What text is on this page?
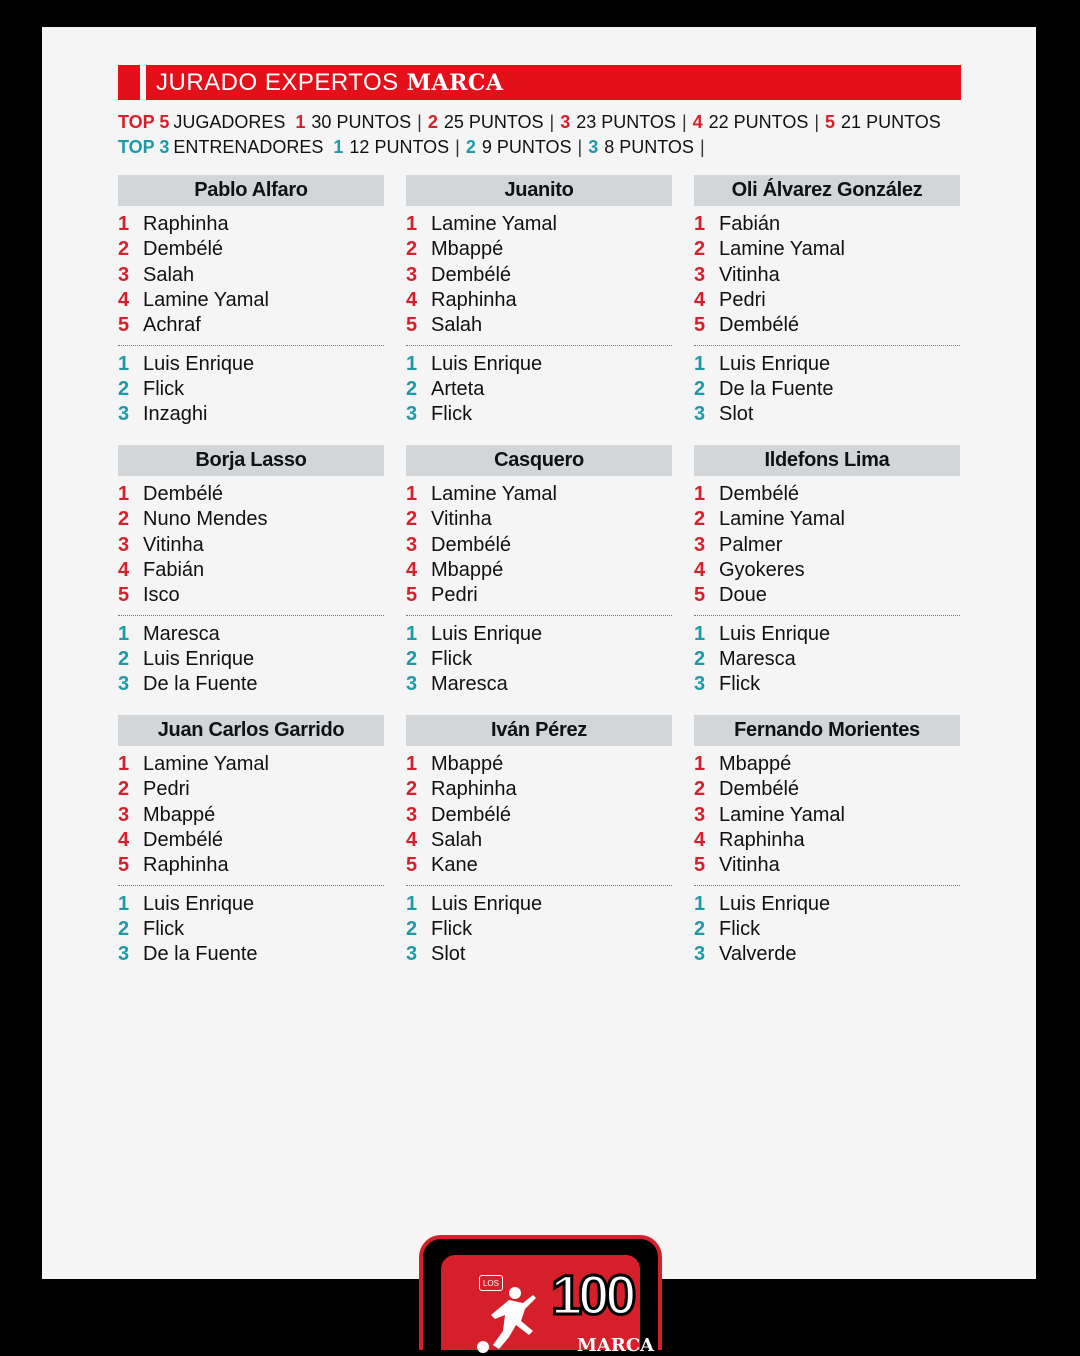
JURADO EXPERTOS MARCA
TOP 5 JUGADORES 1 30 PUNTOS | 2 25 PUNTOS | 3 23 PUNTOS | 4 22 PUNTOS | 5 21 PUNTOS
TOP 3 ENTRENADORES 1 12 PUNTOS | 2 9 PUNTOS | 3 8 PUNTOS |
Pablo Alfaro
1 Raphinha
2 Dembélé
3 Salah
4 Lamine Yamal
5 Achraf
1 Luis Enrique
2 Flick
3 Inzaghi
Juanito
1 Lamine Yamal
2 Mbappé
3 Dembélé
4 Raphinha
5 Salah
1 Luis Enrique
2 Arteta
3 Flick
Oli Álvarez González
1 Fabián
2 Lamine Yamal
3 Vitinha
4 Pedri
5 Dembélé
1 Luis Enrique
2 De la Fuente
3 Slot
Borja Lasso
1 Dembélé
2 Nuno Mendes
3 Vitinha
4 Fabián
5 Isco
1 Maresca
2 Luis Enrique
3 De la Fuente
Casquero
1 Lamine Yamal
2 Vitinha
3 Dembélé
4 Mbappé
5 Pedri
1 Luis Enrique
2 Flick
3 Maresca
Ildefons Lima
1 Dembélé
2 Lamine Yamal
3 Palmer
4 Gyokeres
5 Doue
1 Luis Enrique
2 Maresca
3 Flick
Juan Carlos Garrido
1 Lamine Yamal
2 Pedri
3 Mbappé
4 Dembélé
5 Raphinha
1 Luis Enrique
2 Flick
3 De la Fuente
Iván Pérez
1 Mbappé
2 Raphinha
3 Dembélé
4 Salah
5 Kane
1 Luis Enrique
2 Flick
3 Slot
Fernando Morientes
1 Mbappé
2 Dembélé
3 Lamine Yamal
4 Raphinha
5 Vitinha
1 Luis Enrique
2 Flick
3 Valverde
LOS 100
MARCA
